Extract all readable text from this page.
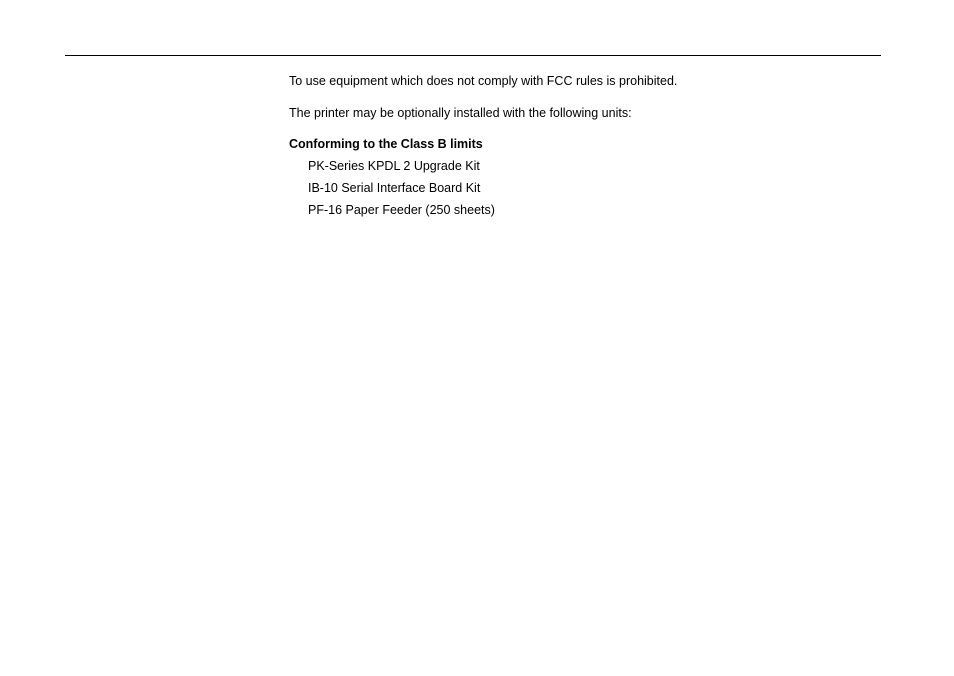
To use equipment which does not comply with FCC rules is prohibited.

The printer may be optionally installed with the following units:

Conforming to the Class B limits

PK-Series KPDL 2 Upgrade Kit
IB-10 Serial Interface Board Kit
PF-16 Paper Feeder (250 sheets)
